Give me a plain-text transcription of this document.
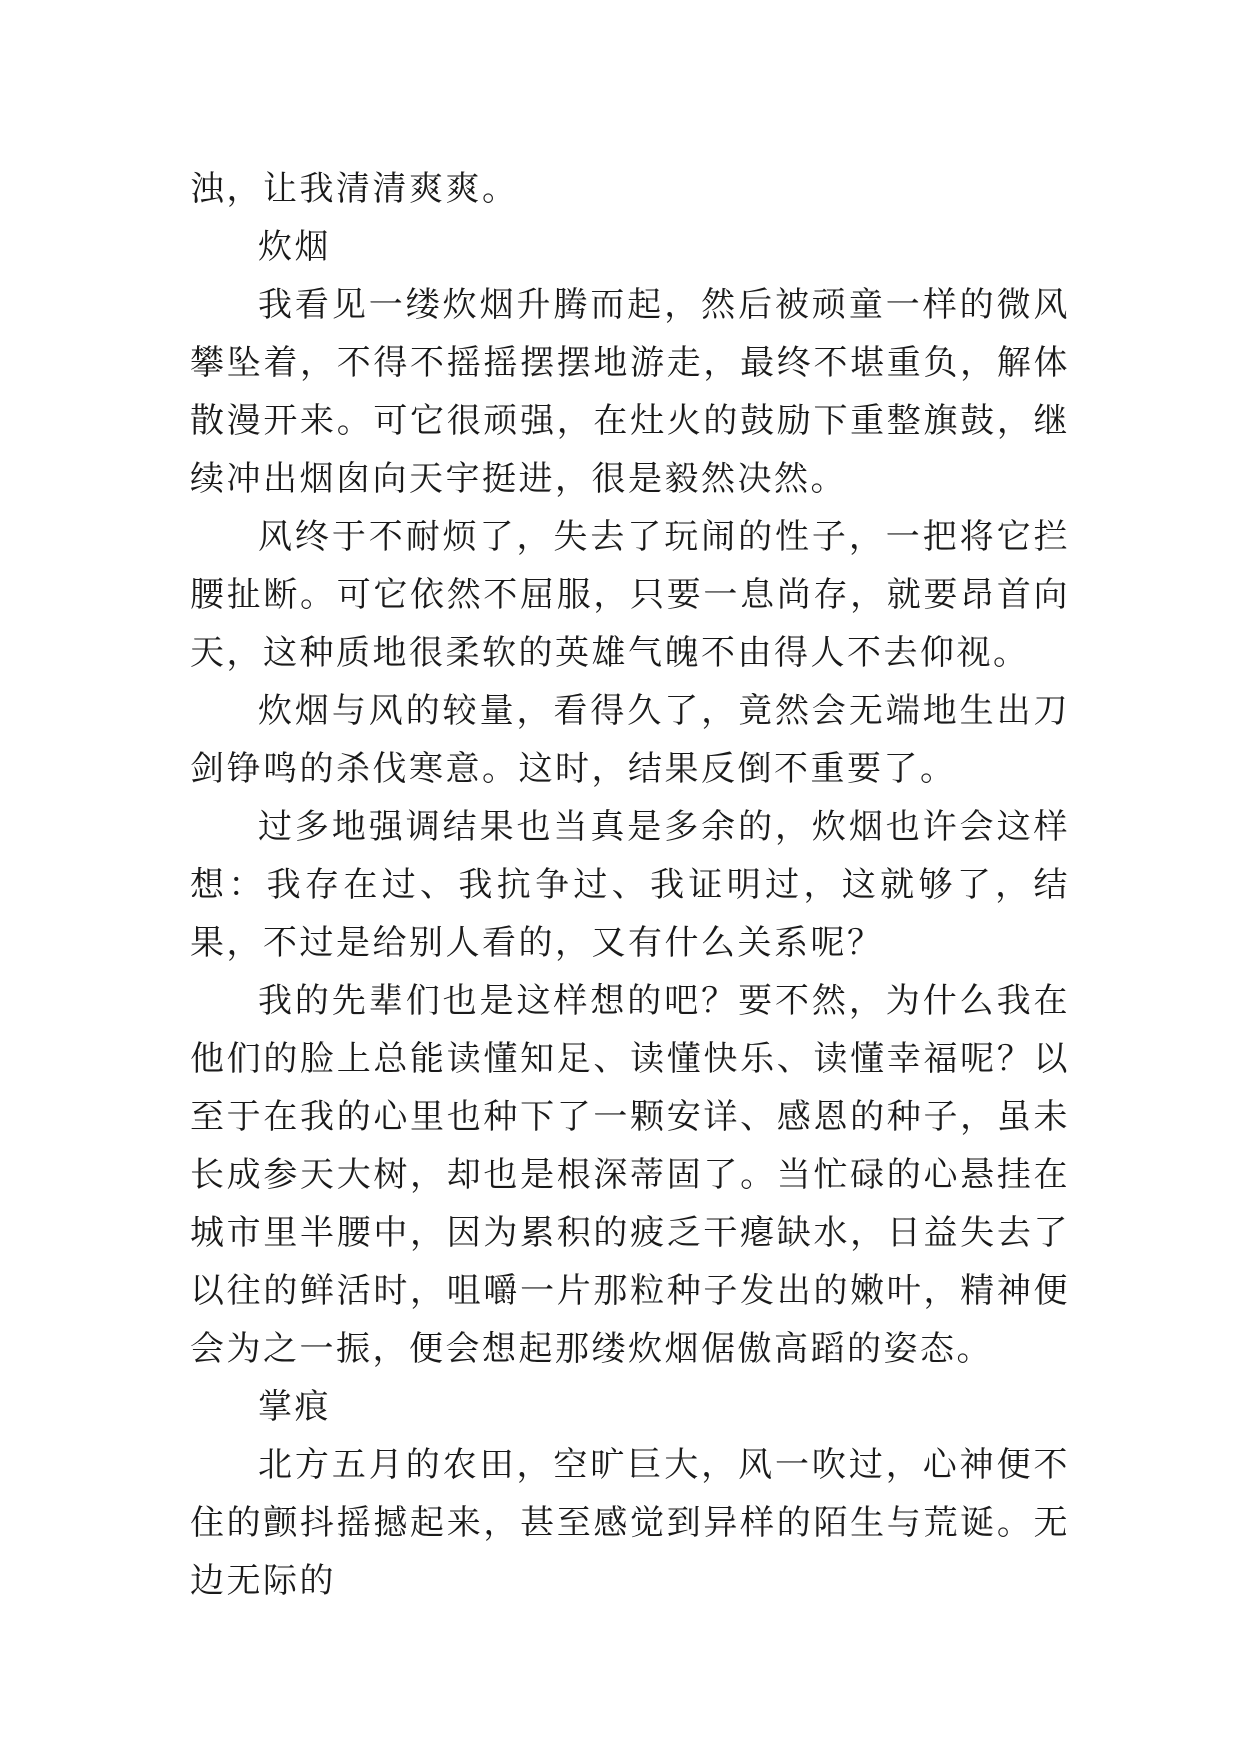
浊，让我清清爽爽。

炊烟

我看见一缕炊烟升腾而起，然后被顽童一样的微风攀坠着，不得不摇摇摆摆地游走，最终不堪重负，解体散漫开来。可它很顽强，在灶火的鼓励下重整旗鼓，继续冲出烟囱向天宇挺进，很是毅然决然。

风终于不耐烦了，失去了玩闹的性子，一把将它拦腰扯断。可它依然不屈服，只要一息尚存，就要昂首向天，这种质地很柔软的英雄气魄不由得人不去仰视。

炊烟与风的较量，看得久了，竟然会无端地生出刀剑铮鸣的杀伐寒意。这时，结果反倒不重要了。

过多地强调结果也当真是多余的，炊烟也许会这样想：我存在过、我抗争过、我证明过，这就够了，结果，不过是给别人看的，又有什么关系呢？

我的先辈们也是这样想的吧？要不然，为什么我在他们的脸上总能读懂知足、读懂快乐、读懂幸福呢？以至于在我的心里也种下了一颗安详、感恩的种子，虽未长成参天大树，却也是根深蒂固了。当忙碌的心悬挂在城市里半腰中，因为累积的疲乏干瘪缺水，日益失去了以往的鲜活时，咀嚼一片那粒种子发出的嫩叶，精神便会为之一振，便会想起那缕炊烟倨傲高蹈的姿态。

掌痕

北方五月的农田，空旷巨大，风一吹过，心神便不住的颤抖摇撼起来，甚至感觉到异样的陌生与荒诞。无边无际的
